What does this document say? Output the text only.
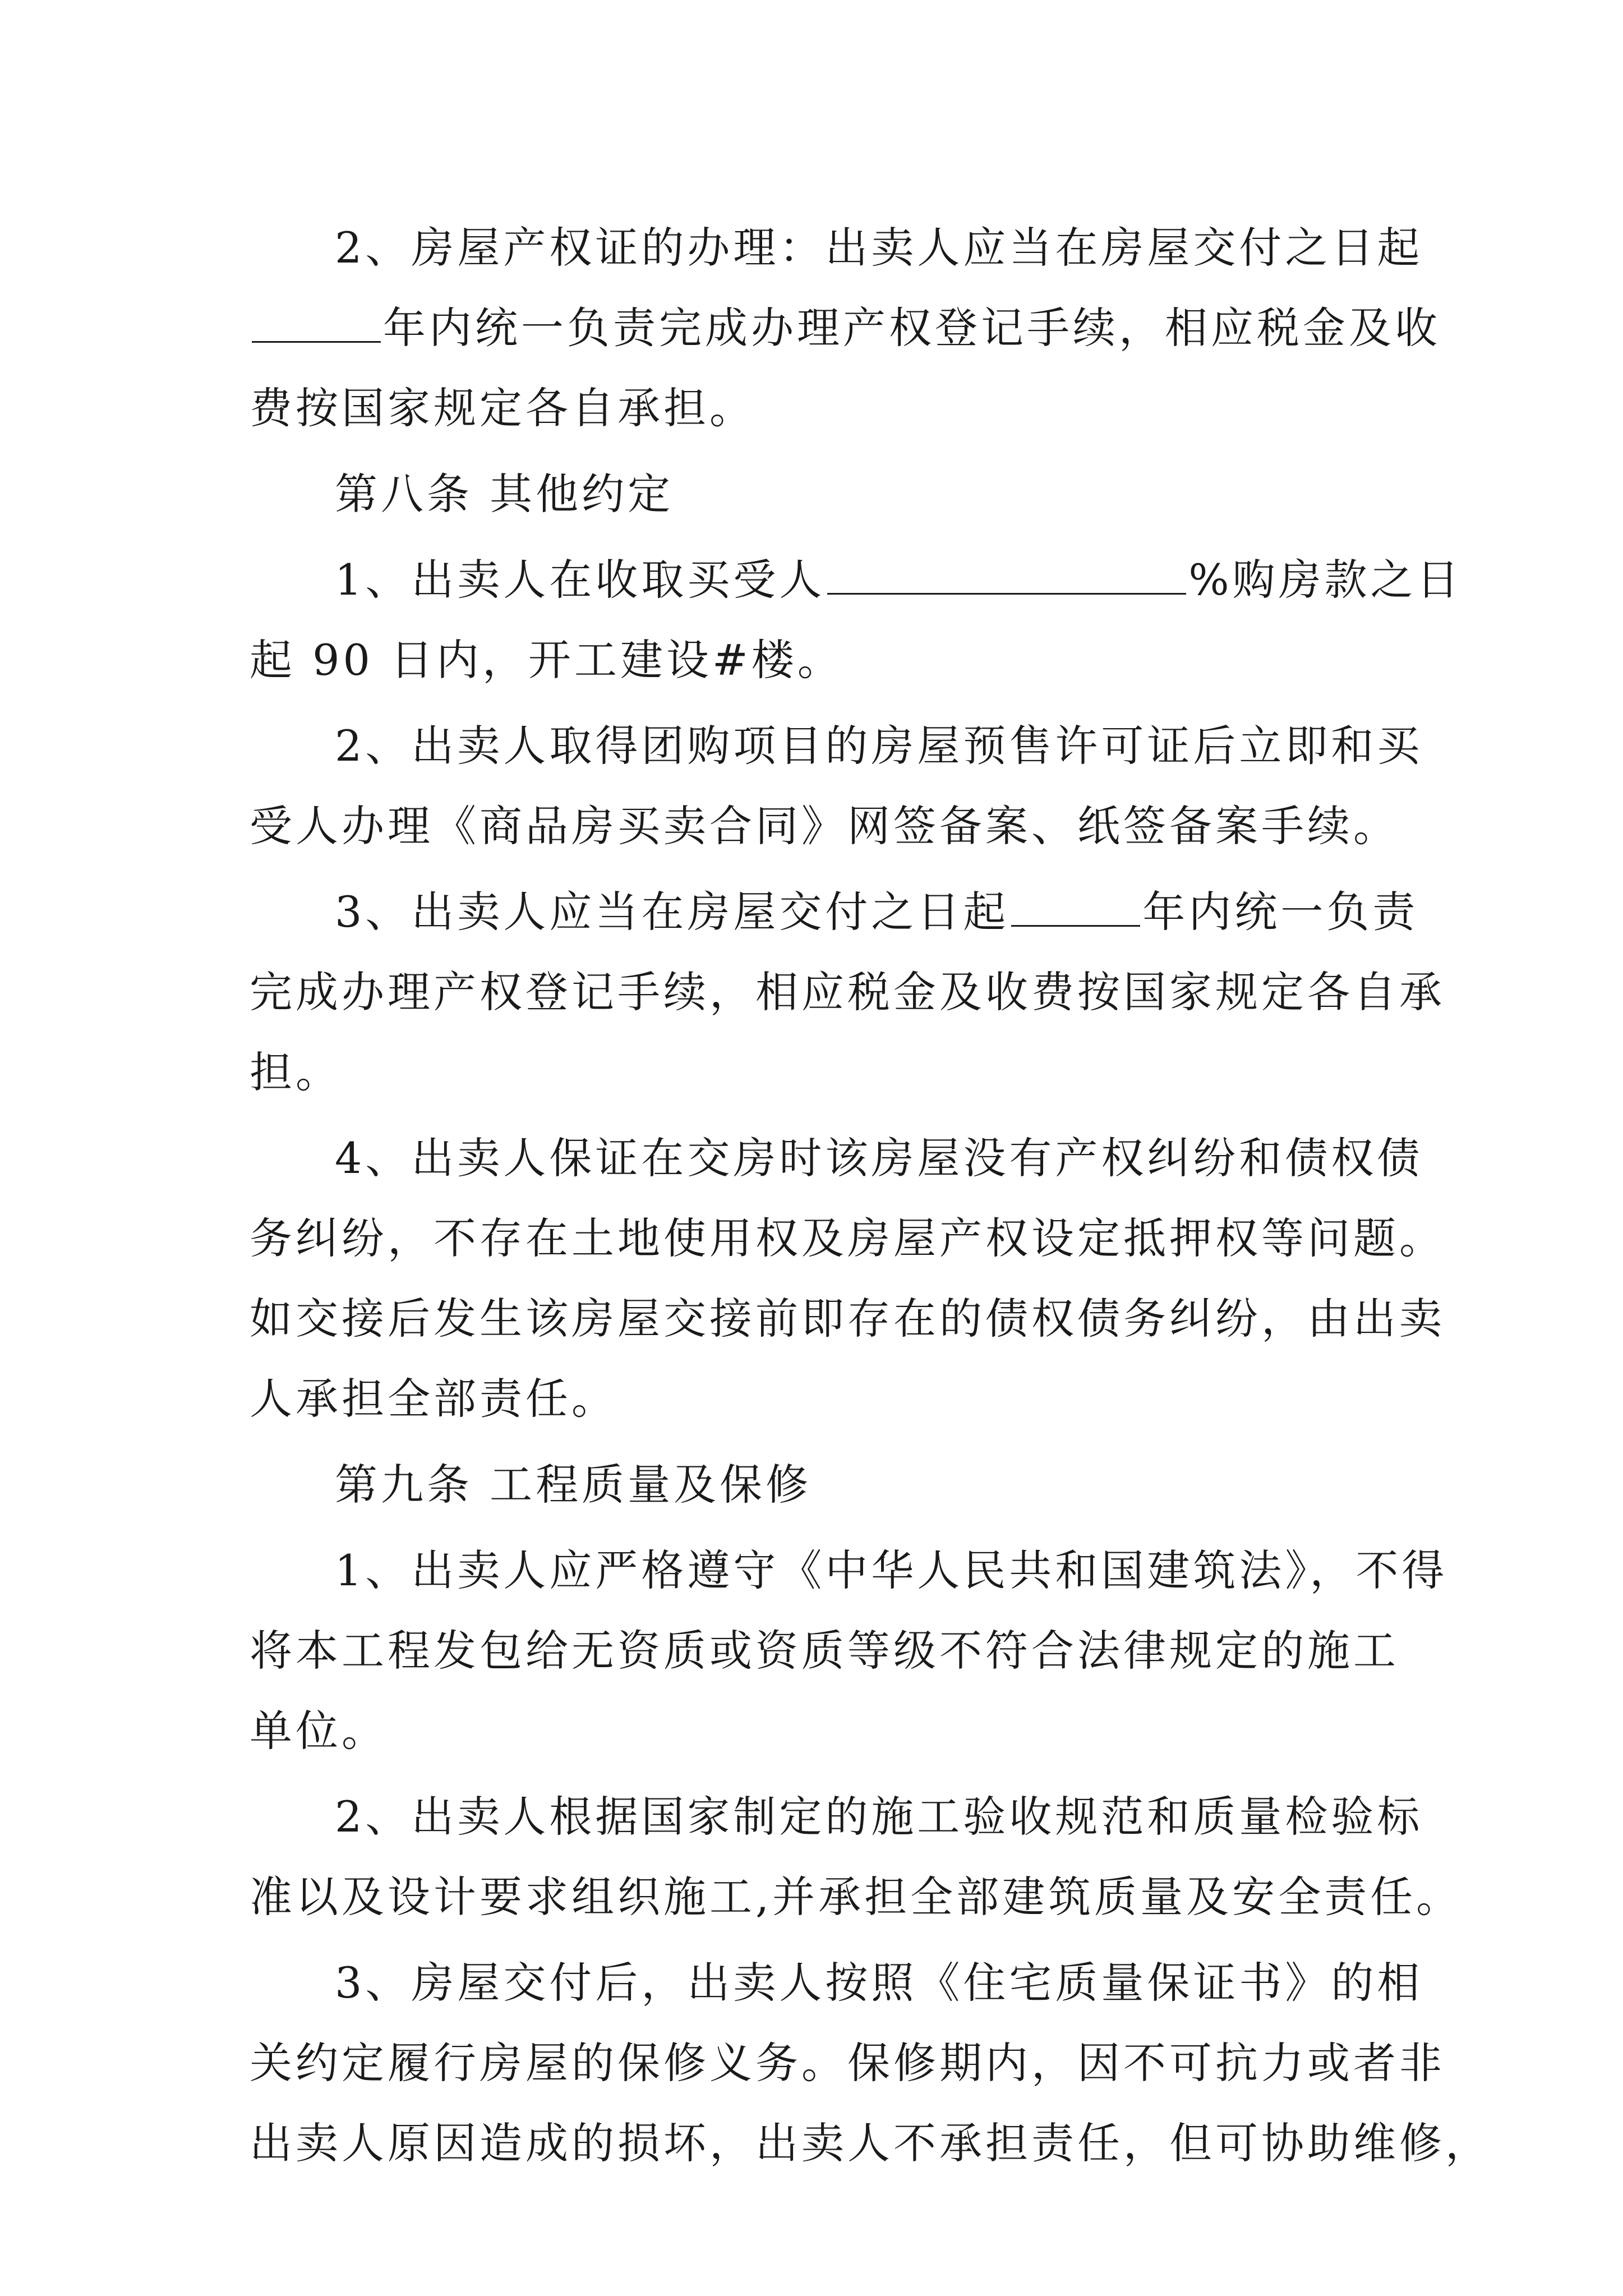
2、房屋产权证的办理：出卖人应当在房屋交付之日起
年内统一负责完成办理产权登记手续，相应税金及收
费按国家规定各自承担。
第八条 其他约定
1、出卖人在收取买受人	%购房款之日
起 90 日内，开工建设#楼。
2、出卖人取得团购项目的房屋预售许可证后立即和买
受人办理《商品房买卖合同》网签备案、纸签备案手续。
3、出卖人应当在房屋交付之日起	年内统一负责
完成办理产权登记手续，相应税金及收费按国家规定各自承
担。
4、出卖人保证在交房时该房屋没有产权纠纷和债权债
务纠纷，不存在土地使用权及房屋产权设定抵押权等问题。
如交接后发生该房屋交接前即存在的债权债务纠纷，由出卖
人承担全部责任。
第九条 工程质量及保修
1、出卖人应严格遵守《中华人民共和国建筑法》，不得
将本工程发包给无资质或资质等级不符合法律规定的施工
单位。
2、出卖人根据国家制定的施工验收规范和质量检验标
准以及设计要求组织施工,并承担全部建筑质量及安全责任。
3、房屋交付后，出卖人按照《住宅质量保证书》的相
关约定履行房屋的保修义务。保修期内，因不可抗力或者非
出卖人原因造成的损坏，出卖人不承担责任，但可协助维修，
